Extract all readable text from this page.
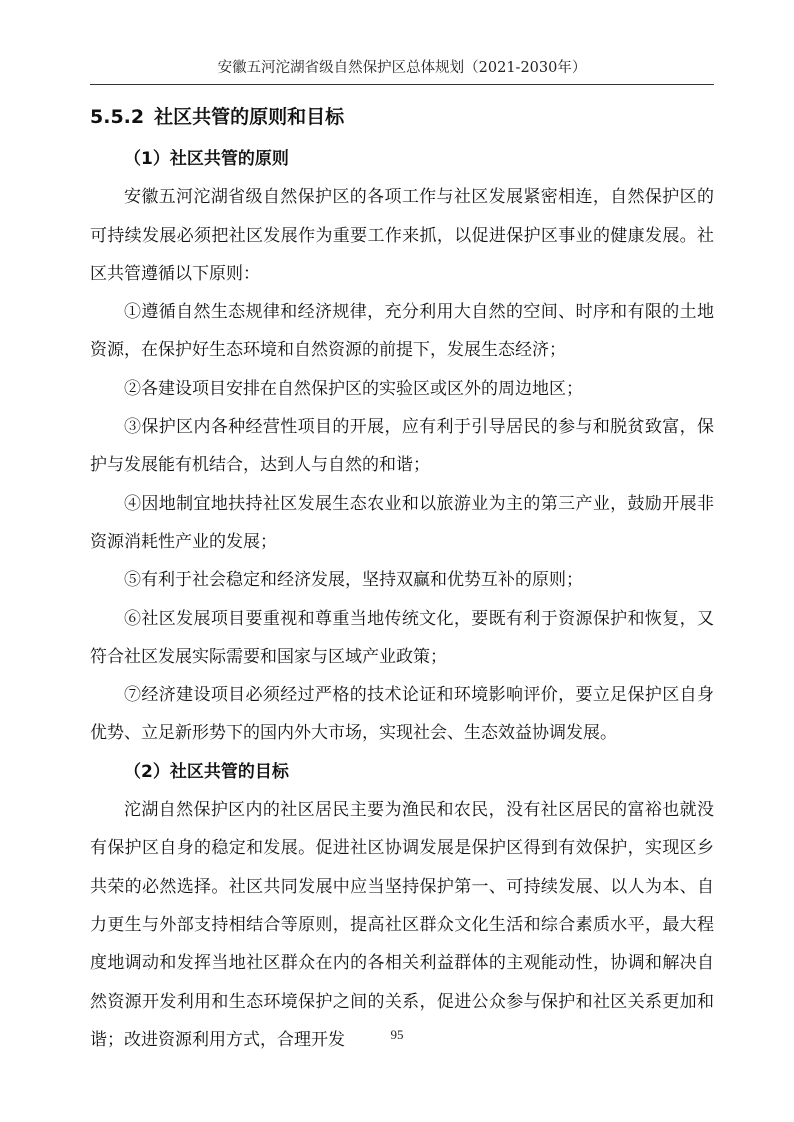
安徽五河沱湖省级自然保护区总体规划（2021-2030年）
5.5.2 社区共管的原则和目标
（1）社区共管的原则

安徽五河沱湖省级自然保护区的各项工作与社区发展紧密相连，自然保护区的可持续发展必须把社区发展作为重要工作来抓，以促进保护区事业的健康发展。社区共管遵循以下原则：

①遵循自然生态规律和经济规律，充分利用大自然的空间、时序和有限的土地资源，在保护好生态环境和自然资源的前提下，发展生态经济；

②各建设项目安排在自然保护区的实验区或区外的周边地区；

③保护区内各种经营性项目的开展，应有利于引导居民的参与和脱贫致富，保护与发展能有机结合，达到人与自然的和谐；

④因地制宜地扶持社区发展生态农业和以旅游业为主的第三产业，鼓励开展非资源消耗性产业的发展；

⑤有利于社会稳定和经济发展，坚持双赢和优势互补的原则；

⑥社区发展项目要重视和尊重当地传统文化，要既有利于资源保护和恢复，又符合社区发展实际需要和国家与区域产业政策；

⑦经济建设项目必须经过严格的技术论证和环境影响评价，要立足保护区自身优势、立足新形势下的国内外大市场，实现社会、生态效益协调发展。

（2）社区共管的目标

沱湖自然保护区内的社区居民主要为渔民和农民，没有社区居民的富裕也就没有保护区自身的稳定和发展。促进社区协调发展是保护区得到有效保护，实现区乡共荣的必然选择。社区共同发展中应当坚持保护第一、可持续发展、以人为本、自力更生与外部支持相结合等原则，提高社区群众文化生活和综合素质水平，最大程度地调动和发挥当地社区群众在内的各相关利益群体的主观能动性，协调和解决自然资源开发利用和生态环境保护之间的关系，促进公众参与保护和社区关系更加和谐；改进资源利用方式，合理开发	95
